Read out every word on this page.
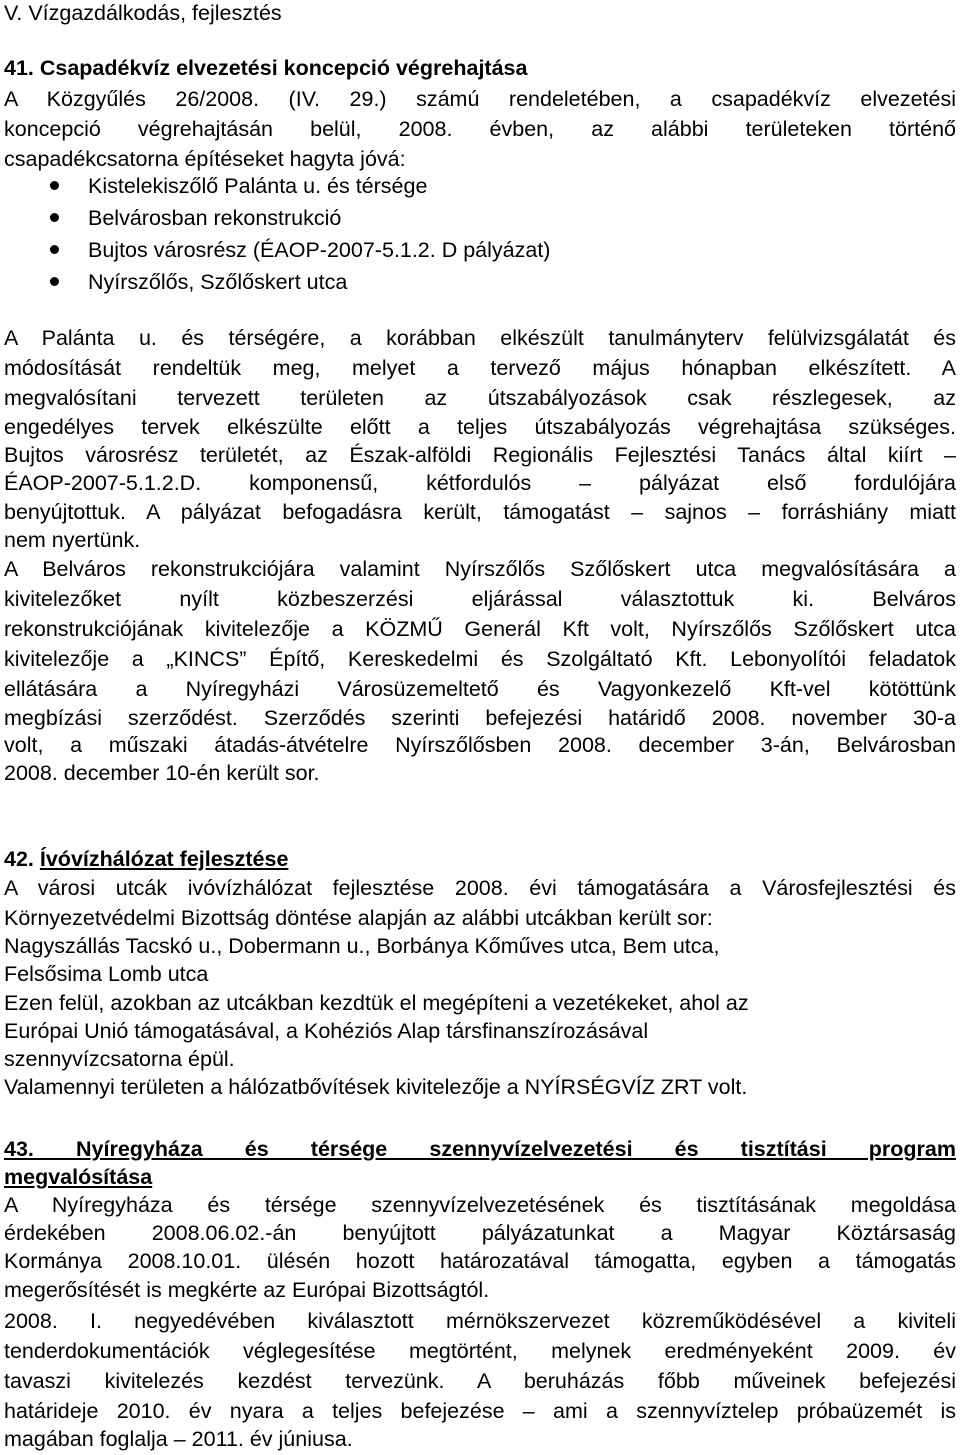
V. Vízgazdálkodás, fejlesztés
41. Csapadékvíz elvezetési koncepció végrehajtása
A Közgyűlés 26/2008. (IV. 29.) számú rendeletében, a csapadékvíz elvezetési
koncepció végrehajtásán belül, 2008. évben, az alábbi területeken történő
csapadékcsatorna építéseket hagyta jóvá:
Kistelekiszőlő Palánta u. és térsége
Belvárosban rekonstrukció
Bujtos városrész (ÉAOP-2007-5.1.2. D pályázat)
Nyírszőlős, Szőlőskert utca
A Palánta u. és térségére, a korábban elkészült tanulmányterv felülvizsgálatát és
módosítását rendeltük meg, melyet a tervező május hónapban elkészített. A
megvalósítani tervezett területen az útszabályozások csak részlegesek, az
engedélyes tervek elkészülte előtt a teljes útszabályozás végrehajtása szükséges.
Bujtos városrész területét, az Észak-alföldi Regionális Fejlesztési Tanács által kiírt –
ÉAOP-2007-5.1.2.D. komponensű, kétfordulós – pályázat első fordulójára
benyújtottuk. A pályázat befogadásra került, támogatást – sajnos – forráshiány miatt
nem nyertünk.
A Belváros rekonstrukciójára valamint Nyírszőlős Szőlőskert utca megvalósítására a
kivitelezőket nyílt közbeszerzési eljárással választottuk ki. Belváros
rekonstrukciójának kivitelezője a KÖZMŰ Generál Kft volt, Nyírszőlős Szőlőskert utca
kivitelezője a „KINCS” Építő, Kereskedelmi és Szolgáltató Kft. Lebonyolítói feladatok
ellátására a Nyíregyházi Városüzemeltető és Vagyonkezelő Kft-vel kötöttünk
megbízási szerződést. Szerződés szerinti befejezési határidő 2008. november 30-a
volt, a műszaki átadás-átvételre Nyírszőlősben 2008. december 3-án, Belvárosban
2008. december 10-én került sor.
42. Ívóvízhálózat fejlesztése
A városi utcák ivóvízhálózat fejlesztése 2008. évi támogatására a Városfejlesztési és
Környezetvédelmi Bizottság döntése alapján az alábbi utcákban került sor:
Nagyszállás Tacskó u., Dobermann u., Borbánya Kőműves utca, Bem utca,
Felsősima Lomb utca
Ezen felül, azokban az utcákban kezdtük el megépíteni a vezetékeket, ahol az
Európai Unió támogatásával, a Kohéziós Alap társfinanszírozásával
szennyvízcsatorna épül.
Valamennyi területen a hálózatbővítések kivitelezője a NYÍRSÉGVÍZ ZRT volt.
43. Nyíregyháza és térsége szennyvízelvezetési és tisztítási program
megvalósítása
A Nyíregyháza és térsége szennyvízelvezetésének és tisztításának megoldása
érdekében 2008.06.02.-án benyújtott pályázatunkat a Magyar Köztársaság
Kormánya 2008.10.01. ülésén hozott határozatával támogatta, egyben a támogatás
megerősítését is megkérte az Európai Bizottságtól.
2008. I. negyedévében kiválasztott mérnökszervezet közreműködésével a kiviteli
tenderdokumentációk véglegesítése megtörtént, melynek eredményeként 2009. év
tavaszi kivitelezés kezdést tervezünk. A beruházás főbb műveinek befejezési
határideje 2010. év nyara a teljes befejezése – ami a szennyvíztelep próbaüzemét is
magában foglalja – 2011. év júniusa.
